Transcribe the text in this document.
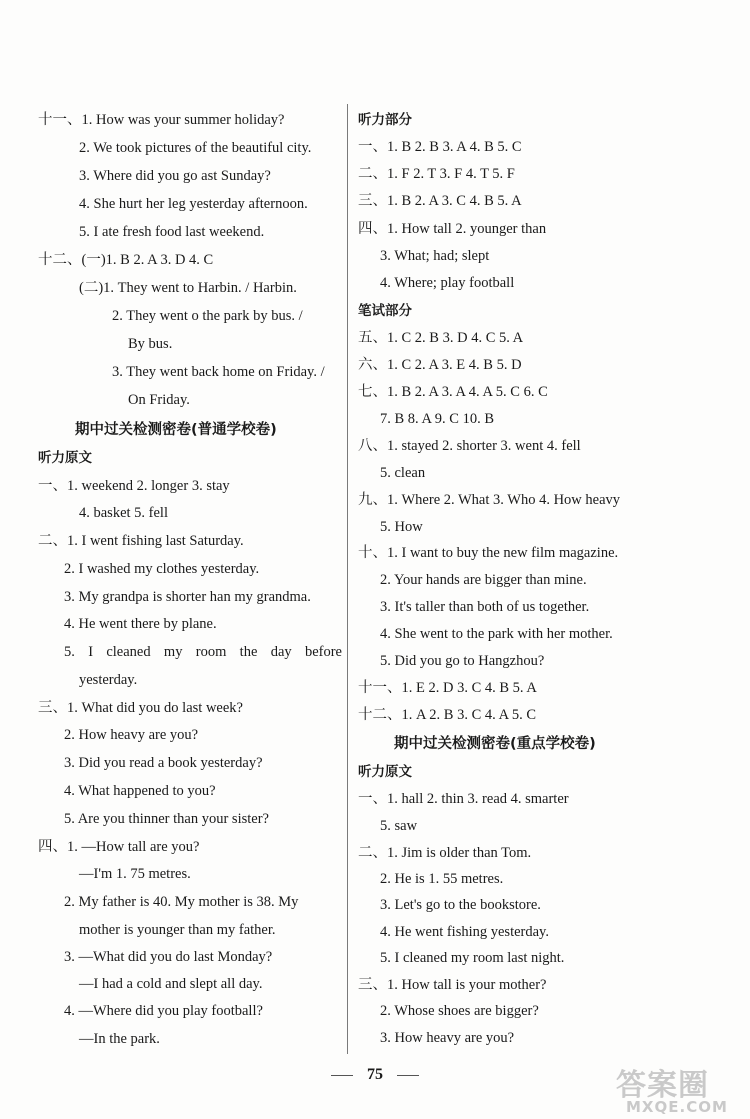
十一、1. How was your summer holiday?
2. We took pictures of the beautiful city.
3. Where did you go ast Sunday?
4. She hurt her leg yesterday afternoon.
5. I ate fresh food last weekend.
十二、(一)1. B 2. A 3. D 4. C
(二)1. They went to Harbin. / Harbin.
2. They went o the park by bus. /
By bus.
3. They went back home on Friday. /
On Friday.
期中过关检测密卷(普通学校卷)
听力原文
一、1. weekend 2. longer 3. stay
4. basket 5. fell
二、1. I went fishing last Saturday.
2. I washed my clothes yesterday.
3. My grandpa is shorter han my grandma.
4. He went there by plane.
5. I cleaned my room the day before
yesterday.
三、1. What did you do last week?
2. How heavy are you?
3. Did you read a book yesterday?
4. What happened to you?
5. Are you thinner than your sister?
四、1. —How tall are you?
—I'm 1. 75 metres.
2. My father is 40. My mother is 38. My
mother is younger than my father.
3. —What did you do last Monday?
—I had a cold and slept all day.
4. —Where did you play football?
—In the park.
听力部分
一、1. B 2. B 3. A 4. B 5. C
二、1. F 2. T 3. F 4. T 5. F
三、1. B 2. A 3. C 4. B 5. A
四、1. How tall 2. younger than
3. What; had; slept
4. Where; play football
笔试部分
五、1. C 2. B 3. D 4. C 5. A
六、1. C 2. A 3. E 4. B 5. D
七、1. B 2. A 3. A 4. A 5. C 6. C
7. B 8. A 9. C 10. B
八、1. stayed 2. shorter 3. went 4. fell
5. clean
九、1. Where 2. What 3. Who 4. How heavy
5. How
十、1. I want to buy the new film magazine.
2. Your hands are bigger than mine.
3. It's taller than both of us together.
4. She went to the park with her mother.
5. Did you go to Hangzhou?
十一、1. E 2. D 3. C 4. B 5. A
十二、1. A 2. B 3. C 4. A 5. C
期中过关检测密卷(重点学校卷)
听力原文
一、1. hall 2. thin 3. read 4. smarter
5. saw
二、1. Jim is older than Tom.
2. He is 1. 55 metres.
3. Let's go to the bookstore.
4. He went fishing yesterday.
5. I cleaned my room last night.
三、1. How tall is your mother?
2. Whose shoes are bigger?
3. How heavy are you?
75	答案圈
MXQE.COM
